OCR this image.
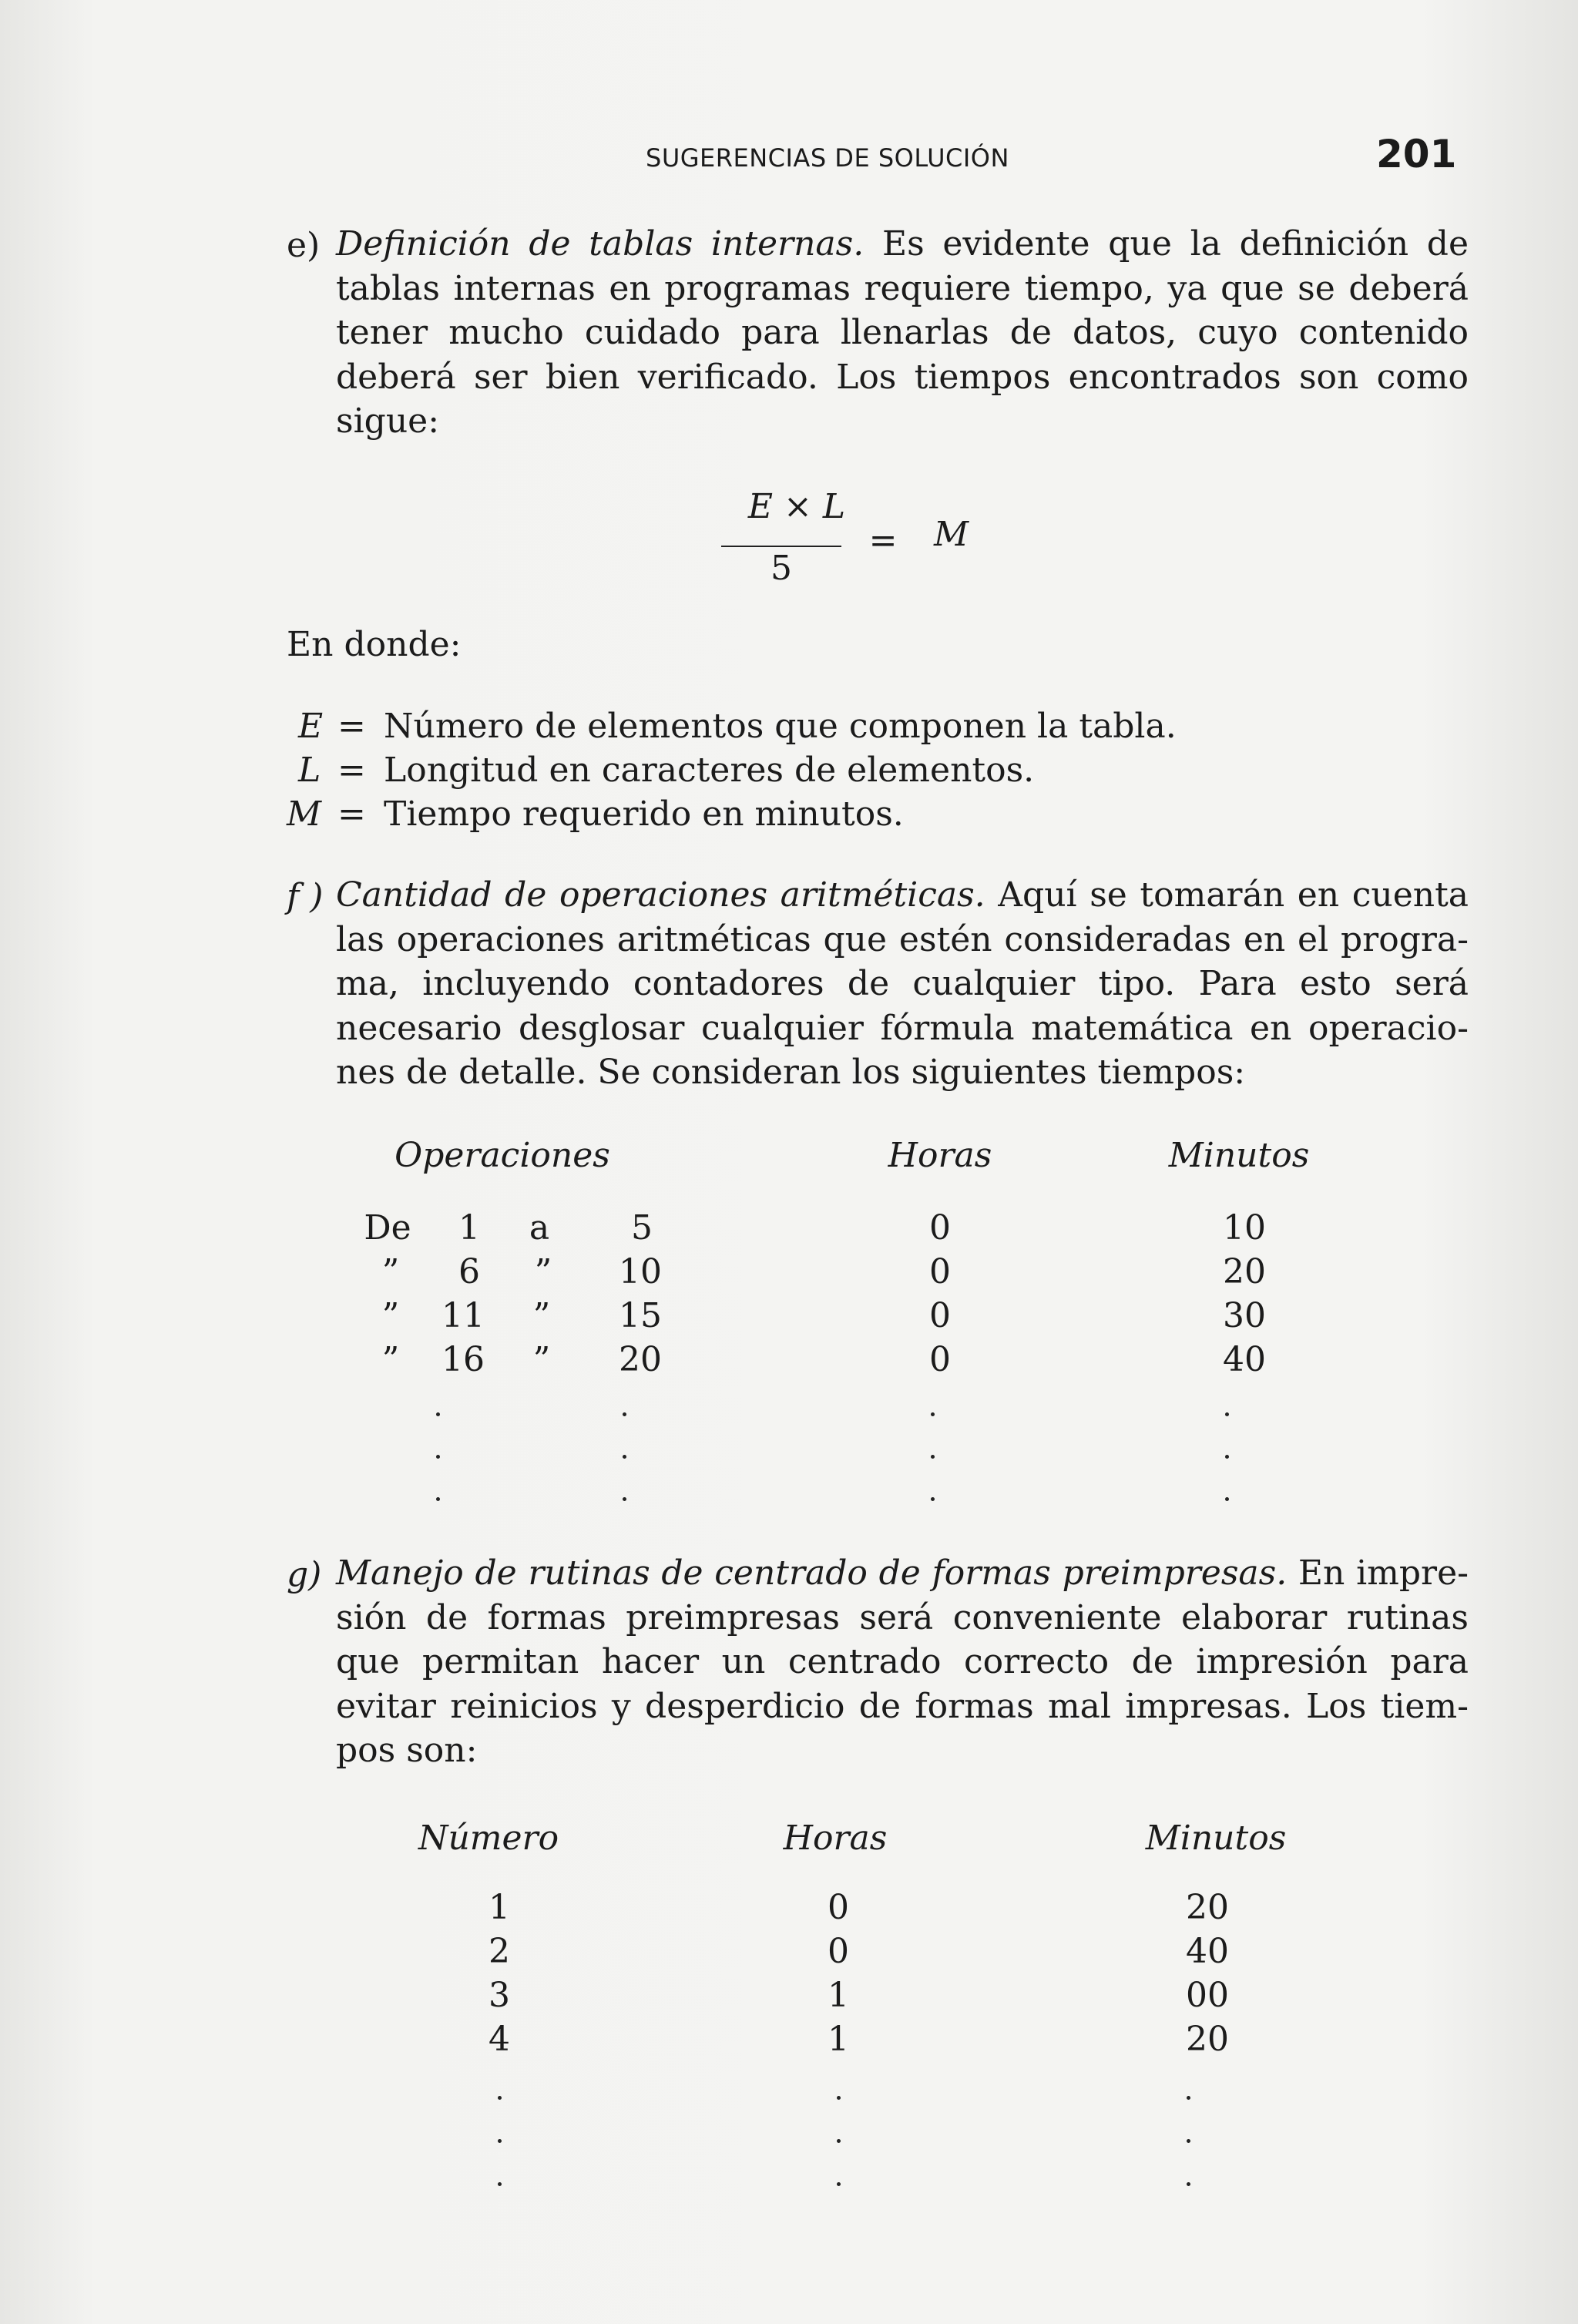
SUGERENCIAS DE SOLUCIÓN	201
e) Definición de tablas internas. Es evidente que la definición de
tablas internas en programas requiere tiempo, ya que se deberá
tener mucho cuidado para llenarlas de datos, cuyo contenido
deberá ser bien verificado. Los tiempos encontrados son como
sigue:
E × L
5
= M
En donde:
E = Número de elementos que componen la tabla.
L = Longitud en caracteres de elementos.
M = Tiempo requerido en minutos.
f ) Cantidad de operaciones aritméticas. Aquí se tomarán en cuenta
las operaciones aritméticas que estén consideradas en el progra-
ma, incluyendo contadores de cualquier tipo. Para esto será
necesario desglosar cualquier fórmula matemática en operacio-
nes de detalle. Se consideran los siguientes tiempos:
Operaciones	Horas	Minutos
De 1 a 5	0	10
” 6 ” 10	0	20
” 11 ” 15	0	30
” 16 ” 20	0	40
g) Manejo de rutinas de centrado de formas preimpresas. En impre-
sión de formas preimpresas será conveniente elaborar rutinas
que permitan hacer un centrado correcto de impresión para
evitar reinicios y desperdicio de formas mal impresas. Los tiem-
pos son:
Número	Horas	Minutos
1	0	20
2	0	40
3	1	00
4	1	20
